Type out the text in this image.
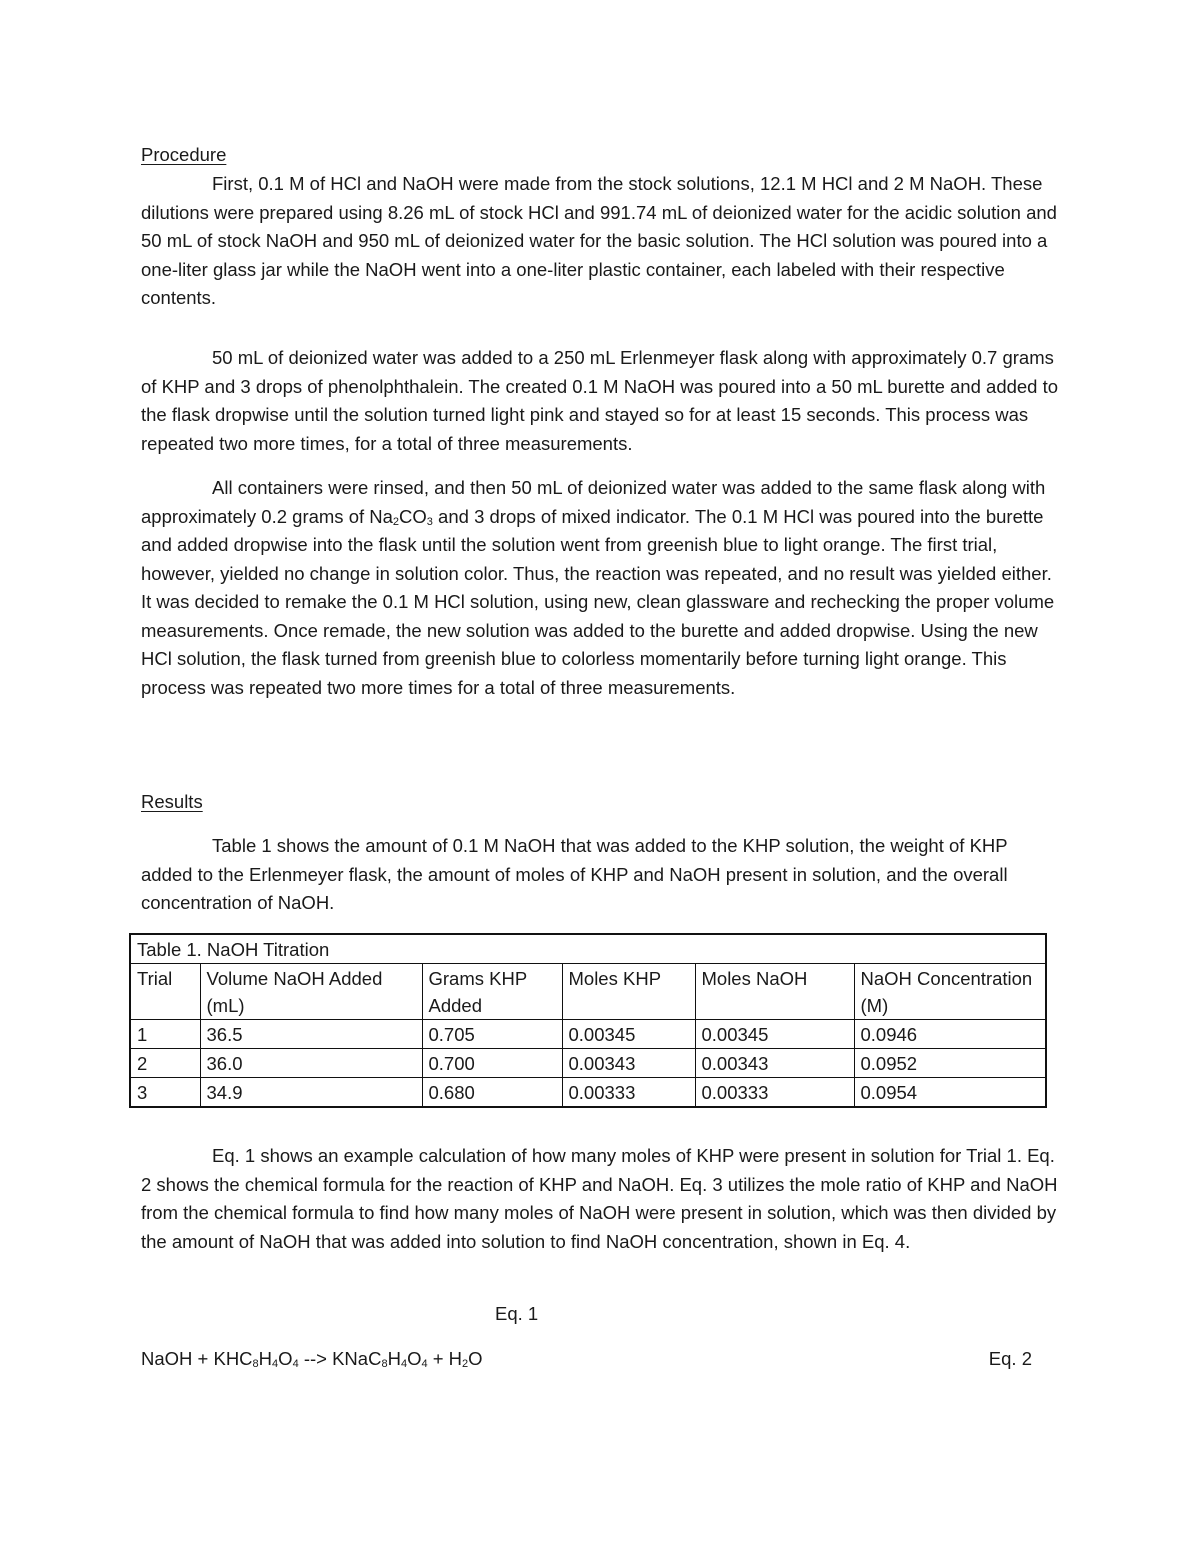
Procedure

First, 0.1 M of HCl and NaOH were made from the stock solutions, 12.1 M HCl and 2 M NaOH. These dilutions were prepared using 8.26 mL of stock HCl and 991.74 mL of deionized water for the acidic solution and 50 mL of stock NaOH and 950 mL of deionized water for the basic solution. The HCl solution was poured into a one-liter glass jar while the NaOH went into a one-liter plastic container, each labeled with their respective contents.

50 mL of deionized water was added to a 250 mL Erlenmeyer flask along with approximately 0.7 grams of KHP and 3 drops of phenolphthalein. The created 0.1 M NaOH was poured into a 50 mL burette and added to the flask dropwise until the solution turned light pink and stayed so for at least 15 seconds. This process was repeated two more times, for a total of three measurements.

All containers were rinsed, and then 50 mL of deionized water was added to the same flask along with approximately 0.2 grams of $Na_2CO_3$ and 3 drops of mixed indicator. The 0.1 M HCl was poured into the burette and added dropwise into the flask until the solution went from greenish blue to light orange. The first trial, however, yielded no change in solution color. Thus, the reaction was repeated, and no result was yielded either. It was decided to remake the 0.1 M HCl solution, using new, clean glassware and rechecking the proper volume measurements. Once remade, the new solution was added to the burette and added dropwise. Using the new HCl solution, the flask turned from greenish blue to colorless momentarily before turning light orange. This process was repeated two more times for a total of three measurements.

Results

Table 1 shows the amount of 0.1 M NaOH that was added to the KHP solution, the weight of KHP added to the Erlenmeyer flask, the amount of moles of KHP and NaOH present in solution, and the overall concentration of NaOH.

Table 1. NaOH Titration					
Trial	Volume NaOH Added (mL)	Grams KHP Added	Moles KHP	Moles NaOH	NaOH Concentration (M)
1	36.5	0.705	0.00345	0.00345	0.0946
2	36.0	0.700	0.00343	0.00343	0.0952
3	34.9	0.680	0.00333	0.00333	0.0954

Eq. 1 shows an example calculation of how many moles of KHP were present in solution for Trial 1. Eq. 2 shows the chemical formula for the reaction of KHP and NaOH. Eq. 3 utilizes the mole ratio of KHP and NaOH from the chemical formula to find how many moles of NaOH were present in solution, which was then divided by the amount of NaOH that was added into solution to find NaOH concentration, shown in Eq. 4.

Eq. 1

NaOH + $KHC_8H_4O_4$ --> $KNaC_8H_4O_4 + H_2O$	Eq. 2
